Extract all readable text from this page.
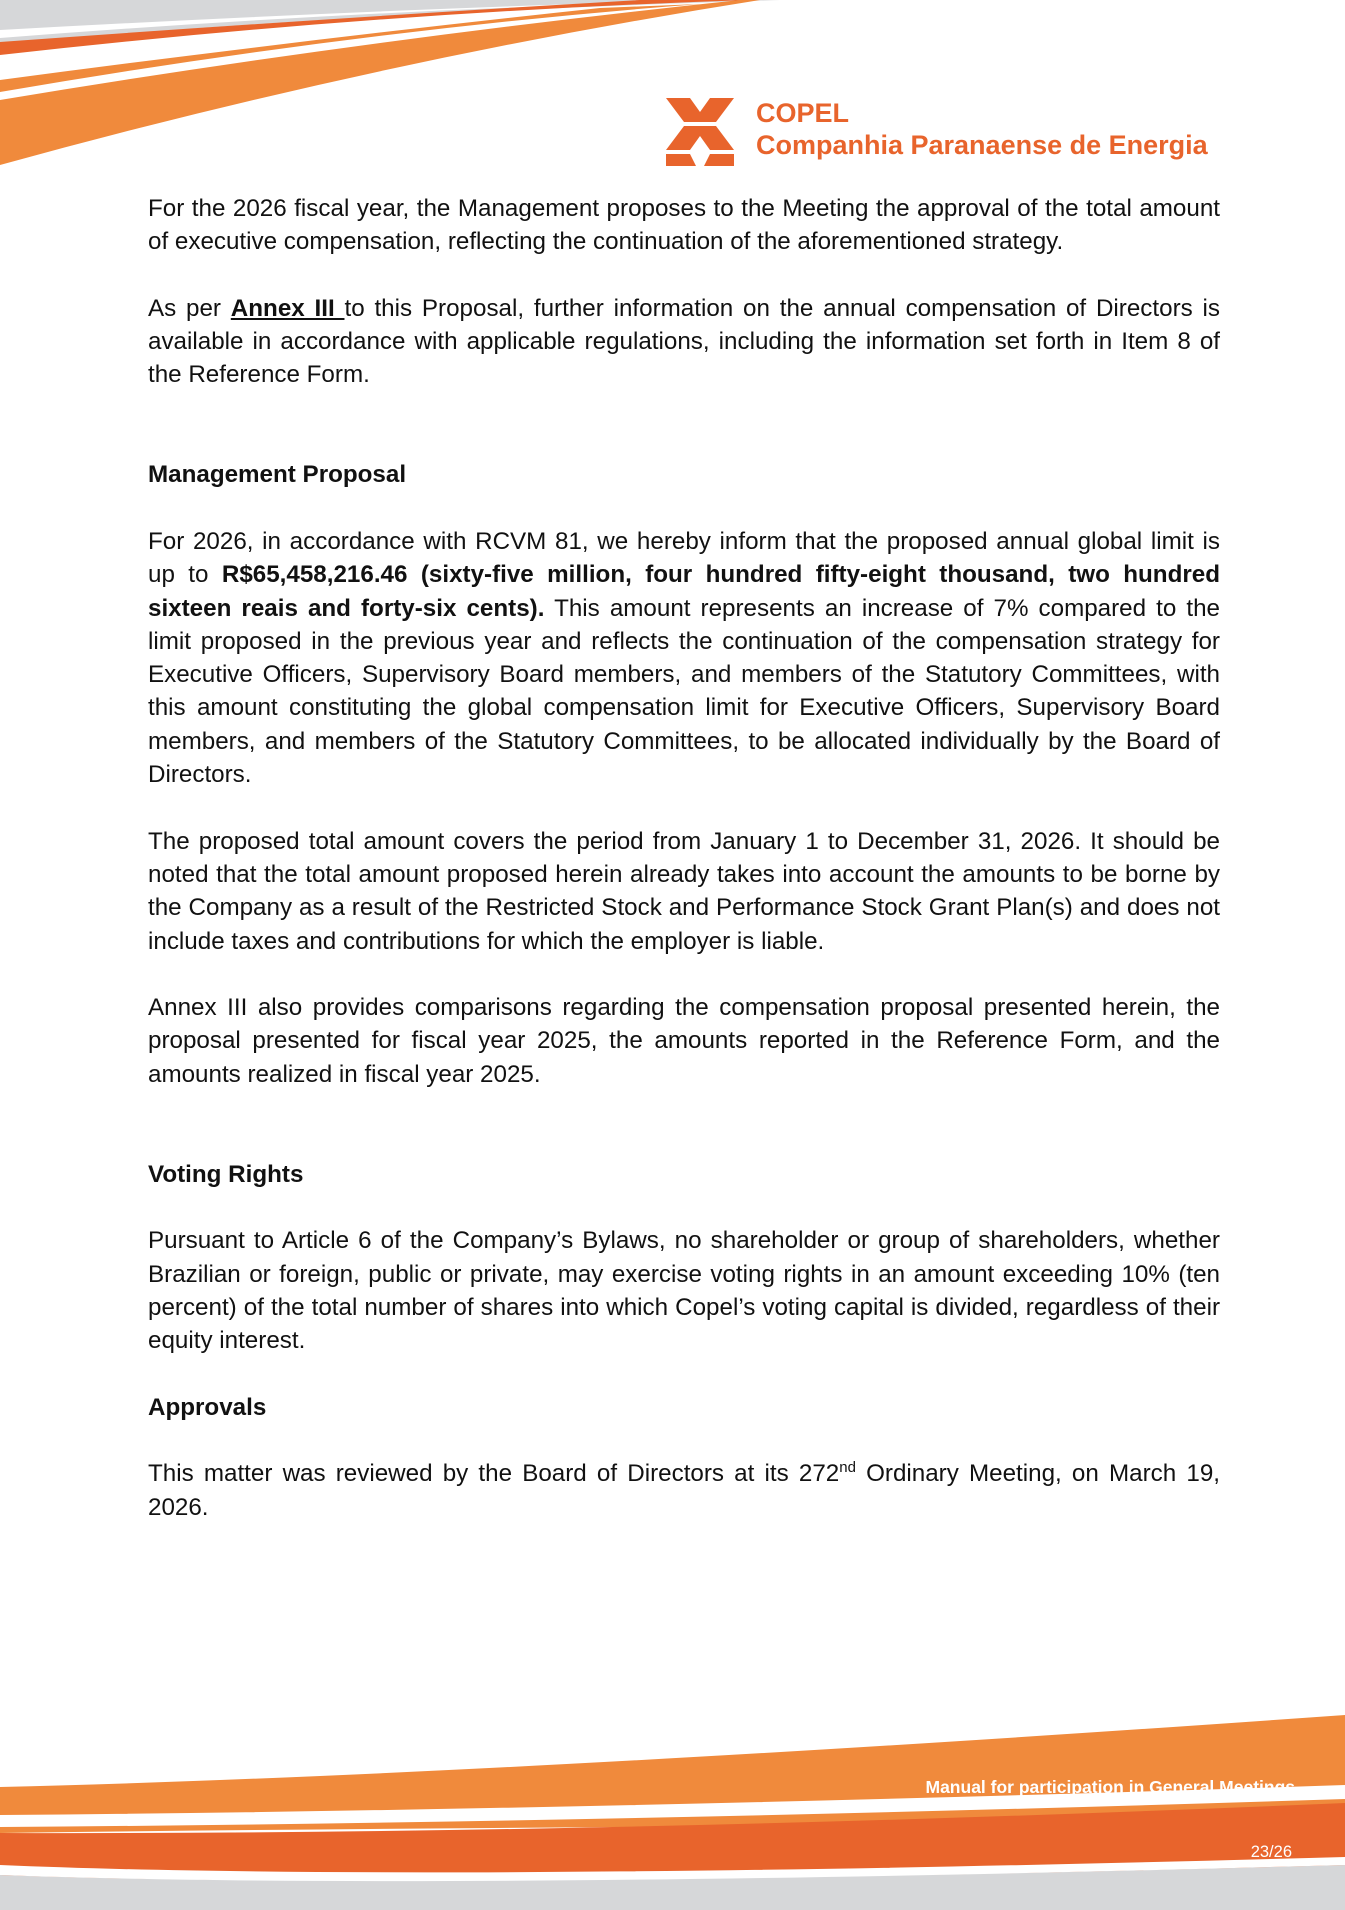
COPEL
Companhia Paranaense de Energia

For the 2026 fiscal year, the Management proposes to the Meeting the approval of the total amount of executive compensation, reflecting the continuation of the aforementioned strategy.

As per Annex III to this Proposal, further information on the annual compensation of Directors is available in accordance with applicable regulations, including the information set forth in Item 8 of the Reference Form.

Management Proposal

For 2026, in accordance with RCVM 81, we hereby inform that the proposed annual global limit is up to R$65,458,216.46 (sixty-five million, four hundred fifty-eight thousand, two hundred sixteen reais and forty-six cents). This amount represents an increase of 7% compared to the limit proposed in the previous year and reflects the continuation of the compensation strategy for Executive Officers, Supervisory Board members, and members of the Statutory Committees, with this amount constituting the global compensation limit for Executive Officers, Supervisory Board members, and members of the Statutory Committees, to be allocated individually by the Board of Directors.

The proposed total amount covers the period from January 1 to December 31, 2026. It should be noted that the total amount proposed herein already takes into account the amounts to be borne by the Company as a result of the Restricted Stock and Performance Stock Grant Plan(s) and does not include taxes and contributions for which the employer is liable.

Annex III also provides comparisons regarding the compensation proposal presented herein, the proposal presented for fiscal year 2025, the amounts reported in the Reference Form, and the amounts realized in fiscal year 2025.

Voting Rights

Pursuant to Article 6 of the Company’s Bylaws, no shareholder or group of shareholders, whether Brazilian or foreign, public or private, may exercise voting rights in an amount exceeding 10% (ten percent) of the total number of shares into which Copel’s voting capital is divided, regardless of their equity interest.

Approvals

This matter was reviewed by the Board of Directors at its 272nd Ordinary Meeting, on March 19, 2026.

Manual for participation in General Meetings
23/26
